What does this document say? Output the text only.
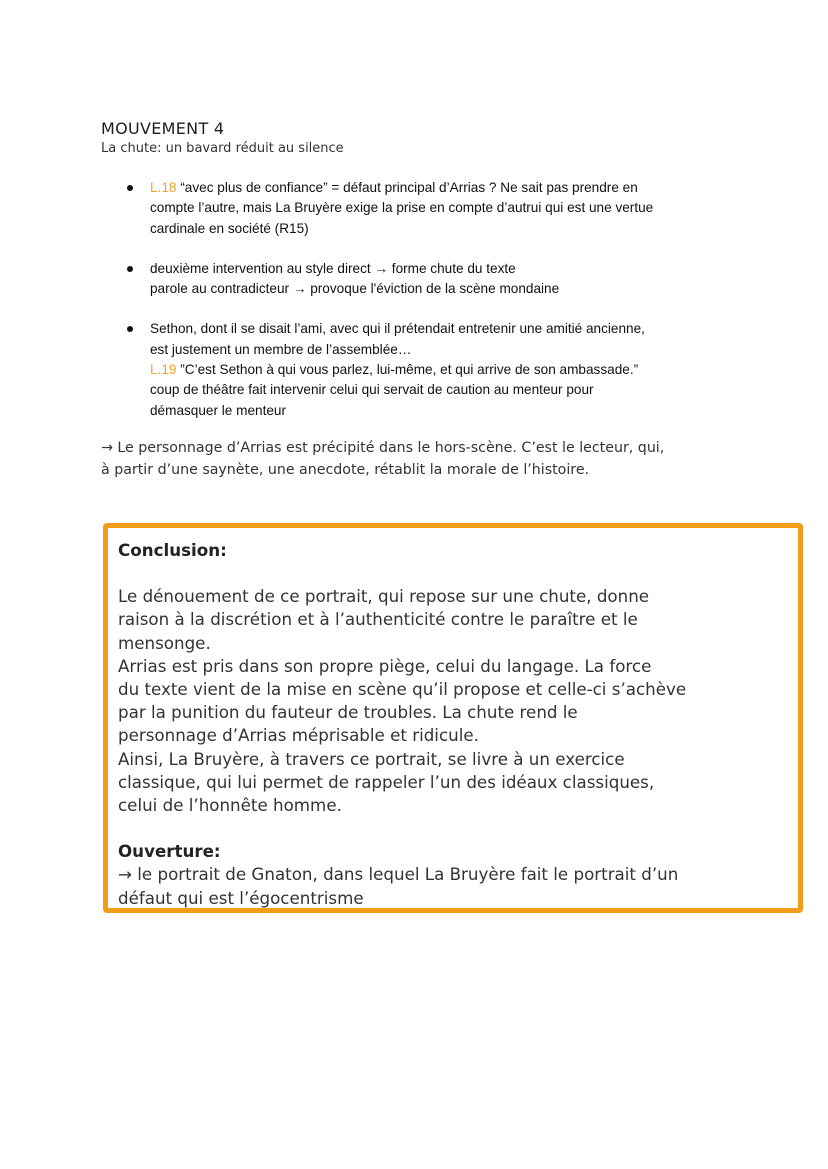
MOUVEMENT 4
La chute: un bavard réduit au silence
L.18 “avec plus de confiance” = défaut principal d’Arrias ? Ne sait pas prendre en
compte l’autre, mais La Bruyère exige la prise en compte d’autrui qui est une vertue
cardinale en société (R15)
deuxième intervention au style direct → forme chute du texte
parole au contradicteur → provoque l'éviction de la scène mondaine
Sethon, dont il se disait l’ami, avec qui il prétendait entretenir une amitié ancienne,
est justement un membre de l’assemblée…
L.19 ”C’est Sethon à qui vous parlez, lui-même, et qui arrive de son ambassade.”
coup de théâtre fait intervenir celui qui servait de caution au menteur pour
démasquer le menteur
→ Le personnage d’Arrias est précipité dans le hors-scène. C’est le lecteur, qui,
à partir d’une saynète, une anecdote, rétablit la morale de l’histoire.
Conclusion:
Le dénouement de ce portrait, qui repose sur une chute, donne
raison à la discrétion et à l’authenticité contre le paraître et le
mensonge.
Arrias est pris dans son propre piège, celui du langage. La force
du texte vient de la mise en scène qu’il propose et celle-ci s’achève
par la punition du fauteur de troubles. La chute rend le
personnage d’Arrias méprisable et ridicule.
Ainsi, La Bruyère, à travers ce portrait, se livre à un exercice
classique, qui lui permet de rappeler l’un des idéaux classiques,
celui de l’honnête homme.
Ouverture:
→ le portrait de Gnaton, dans lequel La Bruyère fait le portrait d’un
défaut qui est l’égocentrisme
